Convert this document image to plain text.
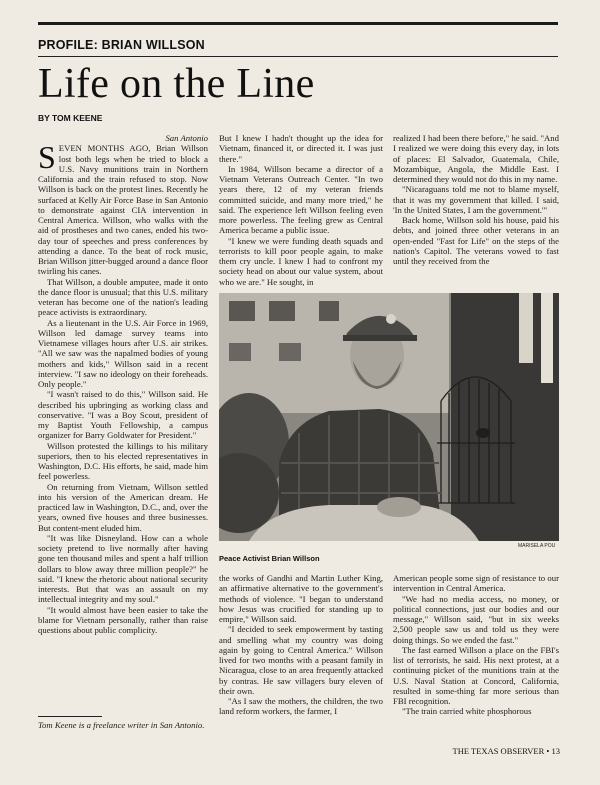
PROFILE: BRIAN WILLSON
Life on the Line
BY TOM KEENE
San Antonio

SEVEN MONTHS AGO, Brian Willson lost both legs when he tried to block a U.S. Navy munitions train in Northern California and the train refused to stop. Now Willson is back on the protest lines. Recently he surfaced at Kelly Air Force Base in San Antonio to demonstrate against CIA intervention in Central America. Willson, who walks with the aid of prostheses and two canes, ended his two-day tour of speeches and press conferences by attending a dance. To the beat of rock music, Brian Willson jitter-bugged around a dance floor twirling his canes.

That Willson, a double amputee, made it onto the dance floor is unusual; that this U.S. military veteran has become one of the nation's leading peace activists is extraordinary.

As a lieutenant in the U.S. Air Force in 1969, Willson led damage survey teams into Vietnamese villages hours after U.S. air strikes. "All we saw was the napalmed bodies of young mothers and kids," Willson said in a recent interview. "I saw no ideology on their foreheads. Only people."

"I wasn't raised to do this," Willson said. He described his upbringing as working class and conservative. "I was a Boy Scout, president of my Baptist Youth Fellowship, a campus organizer for Barry Goldwater for President."

Willson protested the killings to his military superiors, then to his elected representatives in Washington, D.C. His efforts, he said, made him feel powerless.

On returning from Vietnam, Willson settled into his version of the American dream. He practiced law in Washington, D.C., and, over the years, owned five houses and three businesses. But content-ment eluded him.

"It was like Disneyland. How can a whole society pretend to live normally after having gone ten thousand miles and spent a half trillion dollars to blow away three million people?" he said. "I knew the rhetoric about national security interests. But that was an assault on my intellectual integrity and my soul."

"It would almost have been easier to take the blame for Vietnam personally, rather than raise questions about public complicity.

But I knew I hadn't thought up the idea for Vietnam, financed it, or directed it. I was just there."

In 1984, Willson became a director of a Vietnam Veterans Outreach Center. "In two years there, 12 of my veteran friends committed suicide, and many more tried," he said. The experience left Willson feeling even more powerless. The feeling grew as Central America became a public issue.

"I knew we were funding death squads and terrorists to kill poor people again, to make them cry uncle. I knew I had to confront my society head on about our value system, about who we are." He sought, in

realized I had been there before," he said. "And I realized we were doing this every day, in lots of places: El Salvador, Guatemala, Chile, Mozambique, Angola, the Middle East. I determined they would not do this in my name.

"Nicaraguans told me not to blame myself, that it was my government that killed. I said, 'In the United States, I am the government.'"

Back home, Willson sold his house, paid his debts, and joined three other veterans in an open-ended "Fast for Life" on the steps of the nation's Capitol. The veterans vowed to fast until they received from the

MARISELA POU
Peace Activist Brian Willson

the works of Gandhi and Martin Luther King, an affirmative alternative to the government's methods of violence. "I began to understand how Jesus was crucified for standing up to empire," Willson said.

"I decided to seek empowerment by tasting and smelling what my country was doing again by going to Central America." Willson lived for two months with a peasant family in Nicaragua, close to an area frequently attacked by contras. He saw villagers bury eleven of their own.

"As I saw the mothers, the children, the two land reform workers, the farmer, I

American people some sign of resistance to our intervention in Central America.

"We had no media access, no money, or political connections, just our bodies and our message," Willson said, "but in six weeks 2,500 people saw us and told us they were doing things. So we ended the fast."

The fast earned Willson a place on the FBI's list of terrorists, he said. His next protest, at a continuing picket of the munitions train at the U.S. Naval Station at Concord, California, resulted in some-thing far more serious than FBI recognition.

"The train carried white phosphorous

Tom Keene is a freelance writer in San Antonio.
THE TEXAS OBSERVER • 13
